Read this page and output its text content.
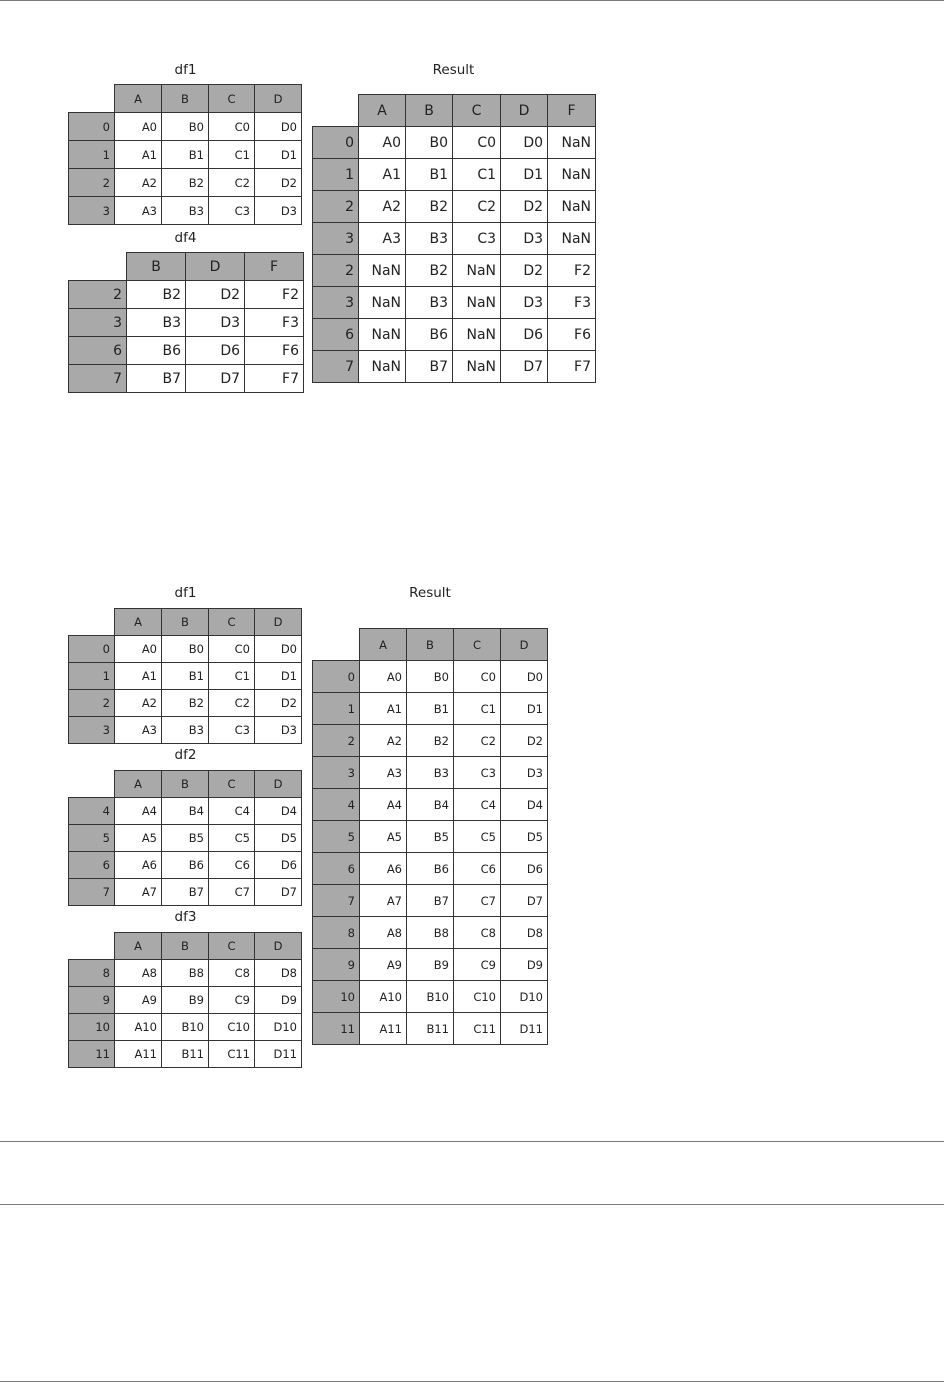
df1
	A	B	C	D
0	A0	B0	C0	D0
1	A1	B1	C1	D1
2	A2	B2	C2	D2
3	A3	B3	C3	D3
df4
	B	D	F
2	B2	D2	F2
3	B3	D3	F3
6	B6	D6	F6
7	B7	D7	F7
Result
	A	B	C	D	F
0	A0	B0	C0	D0	NaN
1	A1	B1	C1	D1	NaN
2	A2	B2	C2	D2	NaN
3	A3	B3	C3	D3	NaN
2	NaN	B2	NaN	D2	F2
3	NaN	B3	NaN	D3	F3
6	NaN	B6	NaN	D6	F6
7	NaN	B7	NaN	D7	F7
df1
	A	B	C	D
0	A0	B0	C0	D0
1	A1	B1	C1	D1
2	A2	B2	C2	D2
3	A3	B3	C3	D3
df2
	A	B	C	D
4	A4	B4	C4	D4
5	A5	B5	C5	D5
6	A6	B6	C6	D6
7	A7	B7	C7	D7
df3
	A	B	C	D
8	A8	B8	C8	D8
9	A9	B9	C9	D9
10	A10	B10	C10	D10
11	A11	B11	C11	D11
Result
	A	B	C	D
0	A0	B0	C0	D0
1	A1	B1	C1	D1
2	A2	B2	C2	D2
3	A3	B3	C3	D3
4	A4	B4	C4	D4
5	A5	B5	C5	D5
6	A6	B6	C6	D6
7	A7	B7	C7	D7
8	A8	B8	C8	D8
9	A9	B9	C9	D9
10	A10	B10	C10	D10
11	A11	B11	C11	D11
